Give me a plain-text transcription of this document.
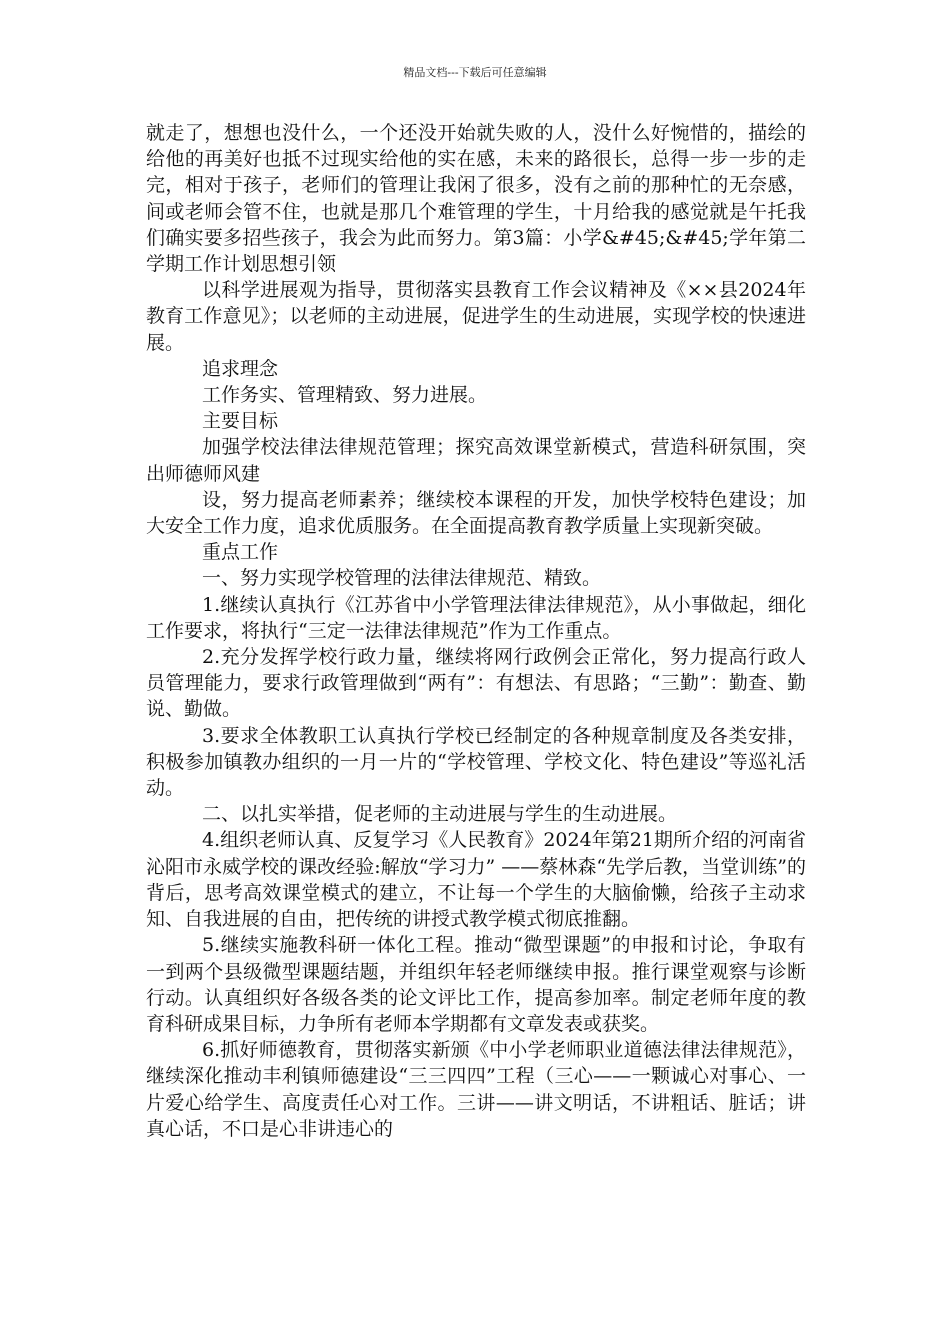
精品文档---下载后可任意编辑

就走了，想想也没什么，一个还没开始就失败的人，没什么好惋惜的，描绘的给他的再美好也抵不过现实给他的实在感，未来的路很长，总得一步一步的走完，相对于孩子，老师们的管理让我闲了很多，没有之前的那种忙的无奈感，间或老师会管不住，也就是那几个难管理的学生，十月给我的感觉就是午托我们确实要多招些孩子，我会为此而努力。第3篇：小学&#45;&#45;学年第二学期工作计划思想引领

以科学进展观为指导，贯彻落实县教育工作会议精神及《××县2024年教育工作意见》；以老师的主动进展，促进学生的生动进展，实现学校的快速进展。

追求理念

工作务实、管理精致、努力进展。

主要目标

加强学校法律法律规范管理；探究高效课堂新模式，营造科研氛围，突出师德师风建

设，努力提高老师素养；继续校本课程的开发，加快学校特色建设；加大安全工作力度，追求优质服务。在全面提高教育教学质量上实现新突破。

重点工作

一、努力实现学校管理的法律法律规范、精致。

1.继续认真执行《江苏省中小学管理法律法律规范》，从小事做起，细化工作要求，将执行“三定一法律法律规范”作为工作重点。

2.充分发挥学校行政力量，继续将网行政例会正常化，努力提高行政人员管理能力，要求行政管理做到“两有”：有想法、有思路；“三勤”：勤查、勤说、勤做。

3.要求全体教职工认真执行学校已经制定的各种规章制度及各类安排，积极参加镇教办组织的一月一片的“学校管理、学校文化、特色建设”等巡礼活动。

二、以扎实举措，促老师的主动进展与学生的生动进展。

4.组织老师认真、反复学习《人民教育》2024年第21期所介绍的河南省沁阳市永威学校的课改经验:解放“学习力” ——蔡林森“先学后教，当堂训练”的背后，思考高效课堂模式的建立，不让每一个学生的大脑偷懒，给孩子主动求知、自我进展的自由，把传统的讲授式教学模式彻底推翻。

5.继续实施教科研一体化工程。推动“微型课题”的申报和讨论，争取有一到两个县级微型课题结题，并组织年轻老师继续申报。推行课堂观察与诊断行动。认真组织好各级各类的论文评比工作，提高参加率。制定老师年度的教育科研成果目标，力争所有老师本学期都有文章发表或获奖。

6.抓好师德教育，贯彻落实新颁《中小学老师职业道德法律法律规范》，继续深化推动丰利镇师德建设“三三四四”工程（三心——一颗诚心对事心、一片爱心给学生、高度责任心对工作。三讲——讲文明话，不讲粗话、脏话；讲真心话，不口是心非讲违心的
